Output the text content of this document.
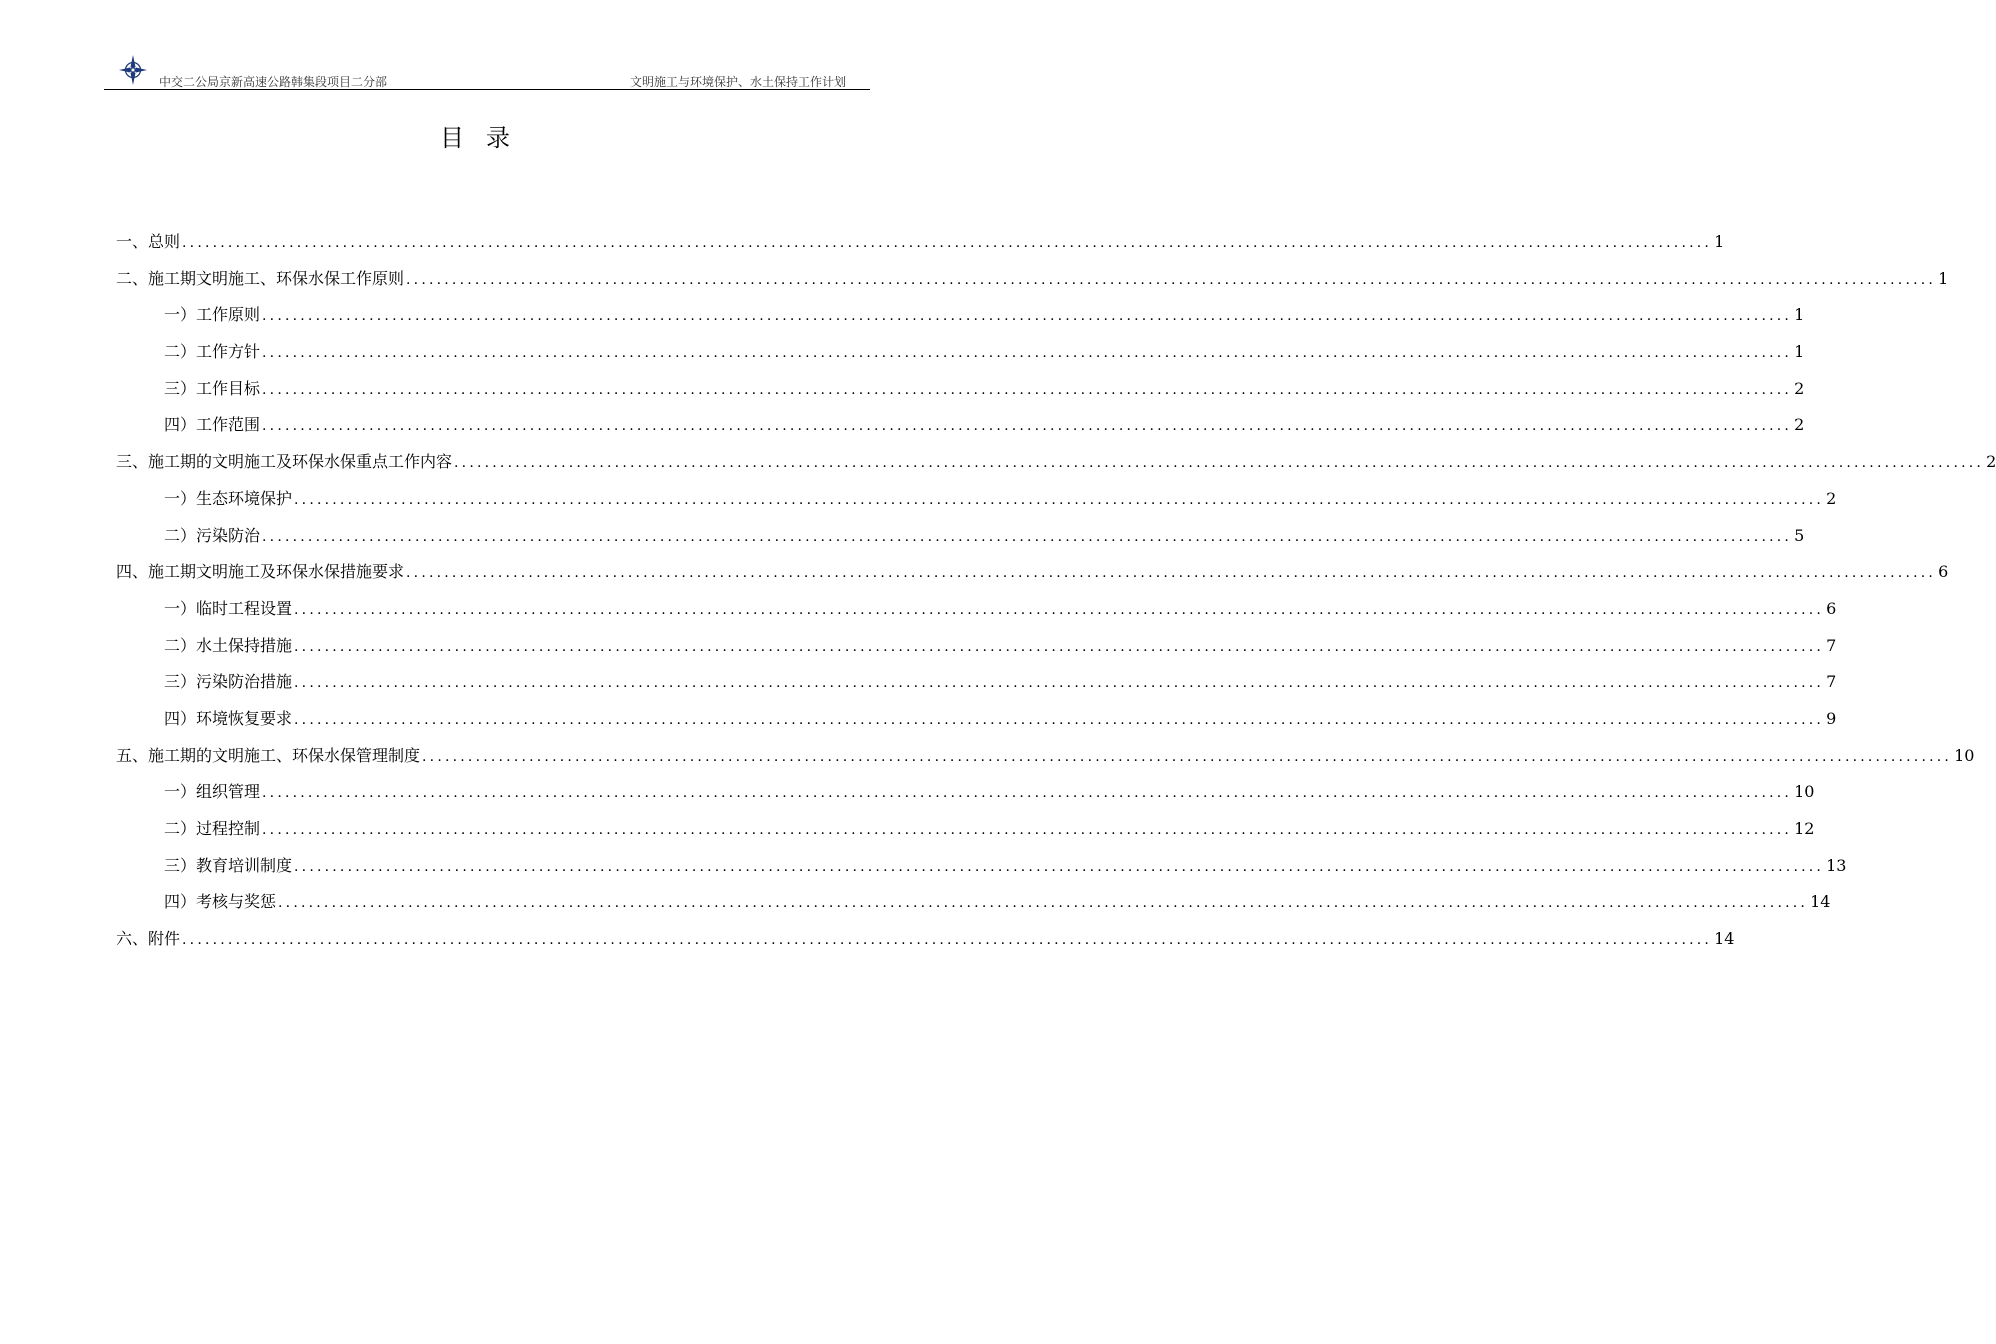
中交二公局京新高速公路韩集段项目二分部	文明施工与环境保护、水土保持工作计划
目录
一、总则 ........................................................................................................................................................................................................ 1
二、施工期文明施工、环保水保工作原则 ........................................................................................................................................................................................................ 1
一）工作原则 ........................................................................................................................................................................................................ 1
二）工作方针 ........................................................................................................................................................................................................ 1
三）工作目标 ........................................................................................................................................................................................................ 2
四）工作范围 ........................................................................................................................................................................................................ 2
三、施工期的文明施工及环保水保重点工作内容 ........................................................................................................................................................................................................ 2
一）生态环境保护 ........................................................................................................................................................................................................ 2
二）污染防治 ........................................................................................................................................................................................................ 5
四、施工期文明施工及环保水保措施要求 ........................................................................................................................................................................................................ 6
一）临时工程设置 ........................................................................................................................................................................................................ 6
二）水土保持措施 ........................................................................................................................................................................................................ 7
三）污染防治措施 ........................................................................................................................................................................................................ 7
四）环境恢复要求 ........................................................................................................................................................................................................ 9
五、施工期的文明施工、环保水保管理制度 ........................................................................................................................................................................................................ 10
一）组织管理 ........................................................................................................................................................................................................ 10
二）过程控制 ........................................................................................................................................................................................................ 12
三）教育培训制度 ........................................................................................................................................................................................................ 13
四）考核与奖惩 ........................................................................................................................................................................................................ 14
六、附件 ........................................................................................................................................................................................................ 14
